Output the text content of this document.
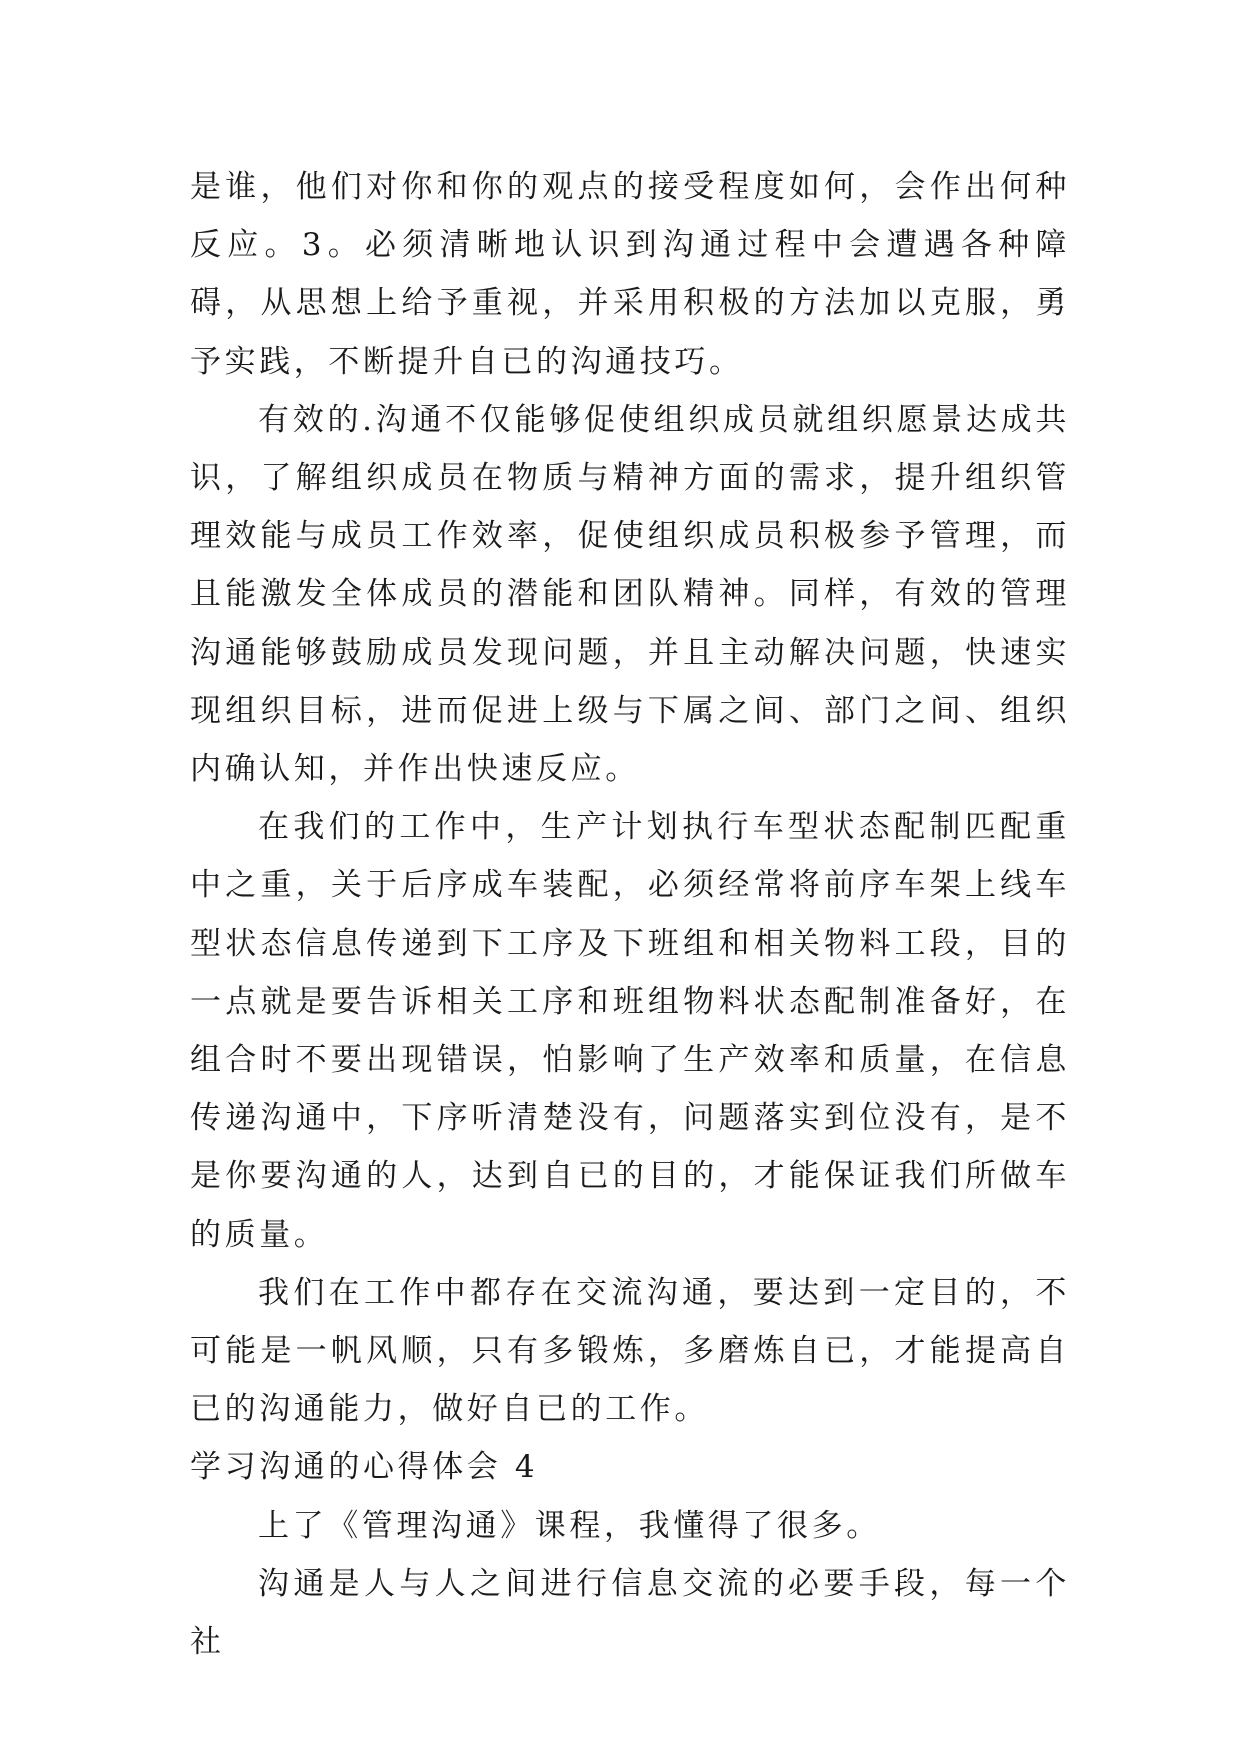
是谁，他们对你和你的观点的接受程度如何，会作出何种反应。3。必须清晰地认识到沟通过程中会遭遇各种障碍，从思想上给予重视，并采用积极的方法加以克服，勇予实践，不断提升自已的沟通技巧。

有效的.沟通不仅能够促使组织成员就组织愿景达成共识，了解组织成员在物质与精神方面的需求，提升组织管理效能与成员工作效率，促使组织成员积极参予管理，而且能激发全体成员的潜能和团队精神。同样，有效的管理沟通能够鼓励成员发现问题，并且主动解决问题，快速实现组织目标，进而促进上级与下属之间、部门之间、组织内确认知，并作出快速反应。

在我们的工作中，生产计划执行车型状态配制匹配重中之重，关于后序成车装配，必须经常将前序车架上线车型状态信息传递到下工序及下班组和相关物料工段，目的一点就是要告诉相关工序和班组物料状态配制准备好，在组合时不要出现错误，怕影响了生产效率和质量，在信息传递沟通中，下序听清楚没有，问题落实到位没有，是不是你要沟通的人，达到自已的目的，才能保证我们所做车的质量。

我们在工作中都存在交流沟通，要达到一定目的，不可能是一帆风顺，只有多锻炼，多磨炼自已，才能提高自已的沟通能力，做好自已的工作。

学习沟通的心得体会 4

上了《管理沟通》课程，我懂得了很多。

沟通是人与人之间进行信息交流的必要手段，每一个社
